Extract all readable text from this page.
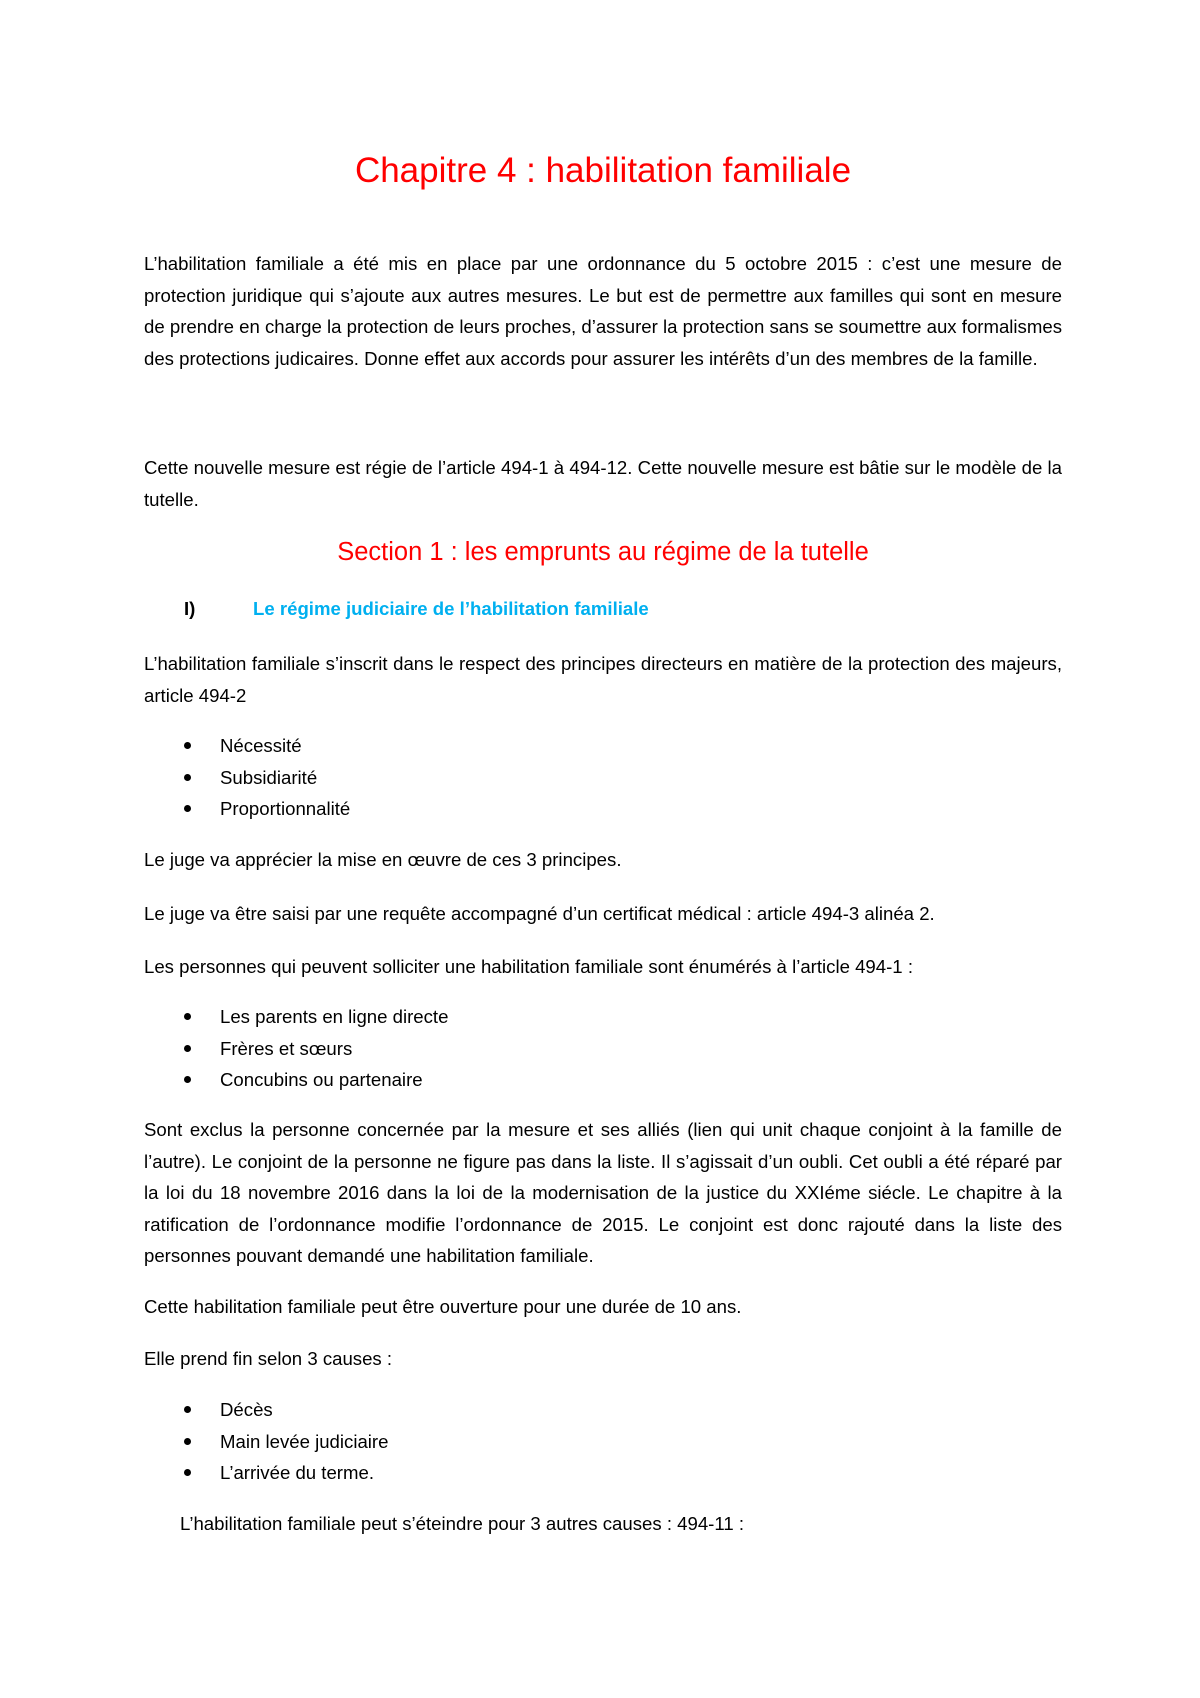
Chapitre 4 : habilitation familiale

L’habilitation familiale a été mis en place par une ordonnance du 5 octobre 2015 : c’est une mesure de protection juridique qui s’ajoute aux autres mesures. Le but est de permettre aux familles qui sont en mesure de prendre en charge la protection de leurs proches, d’assurer la protection sans se soumettre aux formalismes des protections judicaires. Donne effet aux accords pour assurer les intérêts d’un des membres de la famille.

Cette nouvelle mesure est régie de l’article 494-1 à 494-12. Cette nouvelle mesure est bâtie sur le modèle de la tutelle.

Section 1 : les emprunts au régime de la tutelle
I)	Le régime judiciaire de l’habilitation familiale

L’habilitation familiale s’inscrit dans le respect des principes directeurs en matière de la protection des majeurs, article 494-2

Nécessité
Subsidiarité
Proportionnalité

Le juge va apprécier la mise en œuvre de ces 3 principes.

Le juge va être saisi par une requête accompagné d’un certificat médical : article 494-3 alinéa 2.

Les personnes qui peuvent solliciter une habilitation familiale sont énumérés à l’article 494-1 :

Les parents en ligne directe
Frères et sœurs
Concubins ou partenaire

Sont exclus la personne concernée par la mesure et ses alliés (lien qui unit chaque conjoint à la famille de l’autre). Le conjoint de la personne ne figure pas dans la liste. Il s’agissait d’un oubli. Cet oubli a été réparé par la loi du 18 novembre 2016 dans la loi de la modernisation de la justice du XXIéme siécle. Le chapitre à la ratification de l’ordonnance modifie l’ordonnance de 2015. Le conjoint est donc rajouté dans la liste des personnes pouvant demandé une habilitation familiale.

Cette habilitation familiale peut être ouverture pour une durée de 10 ans.

Elle prend fin selon 3 causes :

Décès
Main levée judiciaire
L’arrivée du terme.

L’habilitation familiale peut s’éteindre pour 3 autres causes : 494-11 :
